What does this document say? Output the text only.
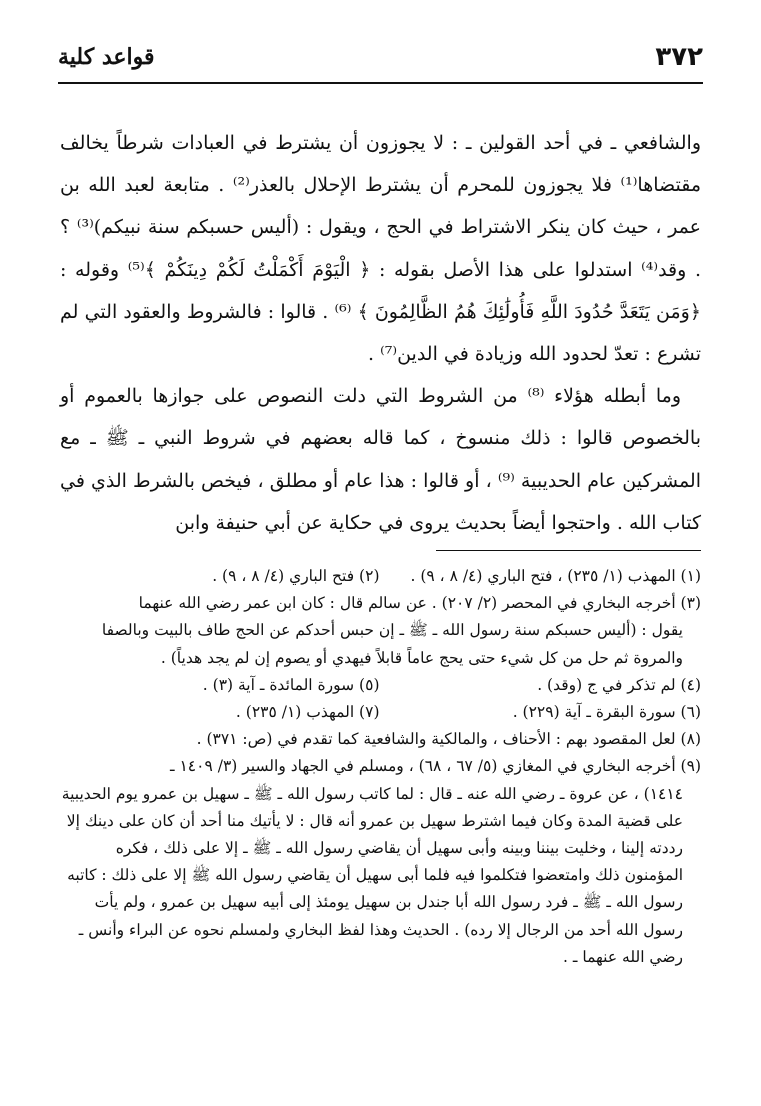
٣٧٢
قواعد كلية

والشافعي ـ في أحد القولين ـ : لا يجوزون أن يشترط في العبادات شرطاً يخالف مقتضاها⁽¹⁾ فلا يجوزون للمحرم أن يشترط الإحلال بالعذر⁽²⁾ . متابعة لعبد الله بن عمر ، حيث كان ينكر الاشتراط في الحج ، ويقول : (أليس حسبكم سنة نبيكم)⁽³⁾ ؟ . وقد⁽⁴⁾ استدلوا على هذا الأصل بقوله : ﴿ الْيَوْمَ أَكْمَلْتُ لَكُمْ دِينَكُمْ ﴾⁽⁵⁾ وقوله : ﴿وَمَن يَتَعَدَّ حُدُودَ اللَّهِ فَأُولَٰئِكَ هُمُ الظَّالِمُونَ ﴾ ⁽⁶⁾ . قالوا : فالشروط والعقود التي لم تشرع : تعدّ لحدود الله وزيادة في الدين⁽⁷⁾ .

وما أبطله هؤلاء ⁽⁸⁾ من الشروط التي دلت النصوص على جوازها بالعموم أو بالخصوص قالوا : ذلك منسوخ ، كما قاله بعضهم في شروط النبي ـ ﷺ ـ مع المشركين عام الحديبية ⁽⁹⁾ ، أو قالوا : هذا عام أو مطلق ، فيخص بالشرط الذي في كتاب الله . واحتجوا أيضاً بحديث يروى في حكاية عن أبي حنيفة وابن

(١) المهذب (١/ ٢٣٥) ، فتح الباري (٤/ ٨ ، ٩) .
(٢) فتح الباري (٤/ ٨ ، ٩) .

(٣) أخرجه البخاري في المحصر (٢/ ٢٠٧) . عن سالم قال : كان ابن عمر رضي الله عنهما

يقول : (أليس حسبكم سنة رسول الله ـ ﷺ ـ إن حبس أحدكم عن الحج طاف بالبيت وبالصفا والمروة ثم حل من كل شيء حتى يحج عاماً قابلاً فيهدي أو يصوم إن لم يجد هدياً) .

(٤) لم تذكر في ج (وقد) .
(٥) سورة المائدة ـ آية (٣) .
(٦) سورة البقرة ـ آية (٢٢٩) .
(٧) المهذب (١/ ٢٣٥) .

(٨) لعل المقصود بهم : الأحناف ، والمالكية والشافعية كما تقدم في (ص: ٣٧١) .

(٩) أخرجه البخاري في المغازي (٥/ ٦٧ ، ٦٨) ، ومسلم في الجهاد والسير (٣/ ١٤٠٩ ـ

١٤١٤) ، عن عروة ـ رضي الله عنه ـ قال : لما كاتب رسول الله ـ ﷺ ـ سهيل بن عمرو يوم الحديبية على قضية المدة وكان فيما اشترط سهيل بن عمرو أنه قال : لا يأتيك منا أحد أن كان على دينك إلا رددته إلينا ، وخليت بيننا وبينه وأبى سهيل أن يقاضي رسول الله ـ ﷺ ـ إلا على ذلك ، فكره المؤمنون ذلك وامتعضوا فتكلموا فيه فلما أبى سهيل أن يقاضي رسول الله ﷺ إلا على ذلك : كاتبه رسول الله ـ ﷺ ـ فرد رسول الله أبا جندل بن سهيل يومئذ إلى أبيه سهيل بن عمرو ، ولم يأت رسول الله أحد من الرجال إلا رده) . الحديث وهذا لفظ البخاري ولمسلم نحوه عن البراء وأنس ـ رضي الله عنهما ـ .
